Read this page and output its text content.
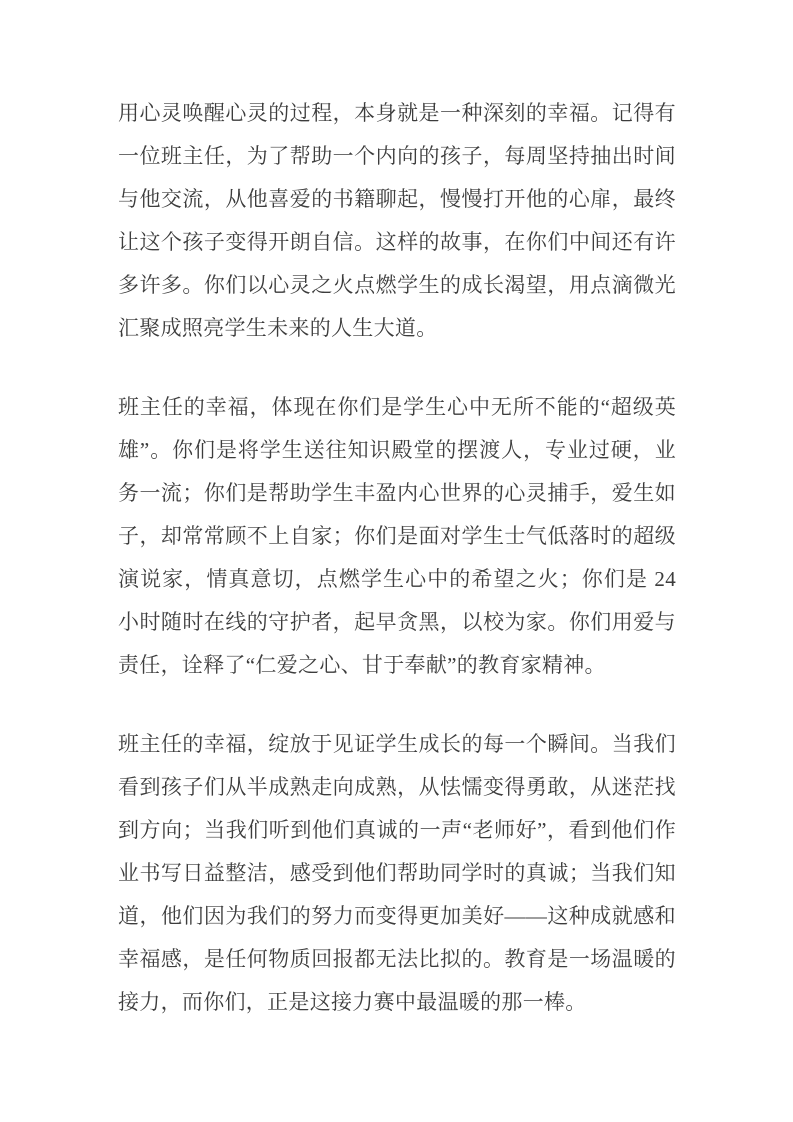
用心灵唤醒心灵的过程，本身就是一种深刻的幸福。记得有一位班主任，为了帮助一个内向的孩子，每周坚持抽出时间与他交流，从他喜爱的书籍聊起，慢慢打开他的心扉，最终让这个孩子变得开朗自信。这样的故事，在你们中间还有许多许多。你们以心灵之火点燃学生的成长渴望，用点滴微光汇聚成照亮学生未来的人生大道。

班主任的幸福，体现在你们是学生心中无所不能的“超级英雄”。你们是将学生送往知识殿堂的摆渡人，专业过硬，业务一流；你们是帮助学生丰盈内心世界的心灵捕手，爱生如子，却常常顾不上自家；你们是面对学生士气低落时的超级演说家，情真意切，点燃学生心中的希望之火；你们是 24 小时随时在线的守护者，起早贪黑，以校为家。你们用爱与责任，诠释了“仁爱之心、甘于奉献”的教育家精神。

班主任的幸福，绽放于见证学生成长的每一个瞬间。当我们看到孩子们从半成熟走向成熟，从怯懦变得勇敢，从迷茫找到方向；当我们听到他们真诚的一声“老师好”，看到他们作业书写日益整洁，感受到他们帮助同学时的真诚；当我们知道，他们因为我们的努力而变得更加美好——这种成就感和幸福感，是任何物质回报都无法比拟的。教育是一场温暖的接力，而你们，正是这接力赛中最温暖的那一棒。
